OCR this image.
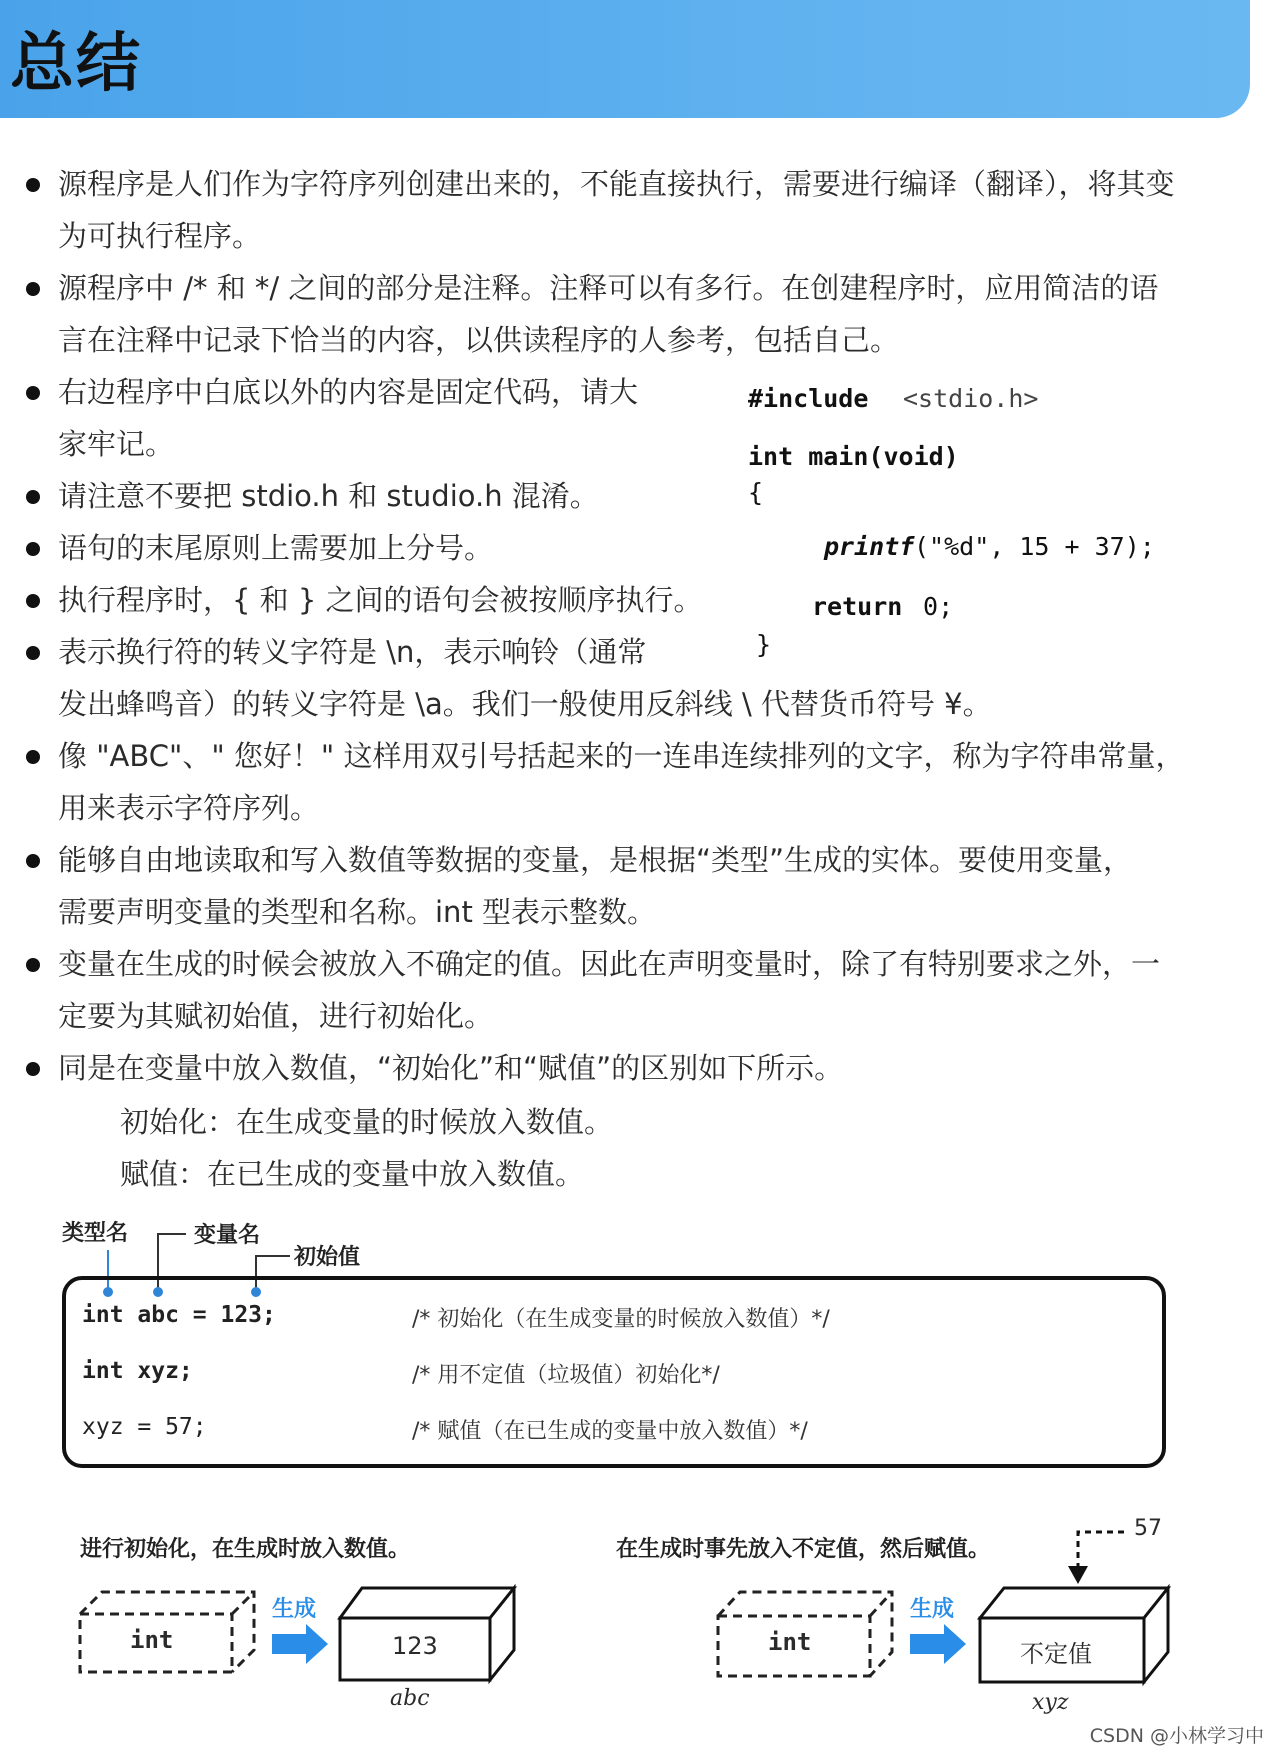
总结
源程序是人们作为字符序列创建出来的，不能直接执行，需要进行编译（翻译），将其变
为可执行程序。
源程序中 /* 和 */ 之间的部分是注释。注释可以有多行。在创建程序时，应用简洁的语
言在注释中记录下恰当的内容，以供读程序的人参考，包括自己。
右边程序中白底以外的内容是固定代码，请大
家牢记。
请注意不要把 stdio.h 和 studio.h 混淆。
语句的末尾原则上需要加上分号。
执行程序时，{ 和 } 之间的语句会被按顺序执行。
表示换行符的转义字符是 \n，表示响铃（通常
发出蜂鸣音）的转义字符是 \a。我们一般使用反斜线 \ 代替货币符号 ¥。
像 "ABC"、" 您好！" 这样用双引号括起来的一连串连续排列的文字，称为字符串常量，
用来表示字符序列。
能够自由地读取和写入数值等数据的变量，是根据“类型”生成的实体。要使用变量，
需要声明变量的类型和名称。int 型表示整数。
变量在生成的时候会被放入不确定的值。因此在声明变量时，除了有特别要求之外，一
定要为其赋初始值，进行初始化。
同是在变量中放入数值，“初始化”和“赋值”的区别如下所示。
初始化：在生成变量的时候放入数值。
赋值：在已生成的变量中放入数值。
#include <stdio.h>
int main(void)
{
printf ("%d", 15 + 37);
return 0;
}
类型名	变量名
初始值
int abc = 123;	/* 初始化（在生成变量的时候放入数值）*/
int xyz;	/* 用不定值（垃圾值）初始化*/
xyz = 57;	/* 赋值（在已生成的变量中放入数值）*/
进行初始化，在生成时放入数值。	在生成时事先放入不定值，然后赋值。
int
生成
123
abc
int
生成
不定值
xyz
57
CSDN @小林学习中
